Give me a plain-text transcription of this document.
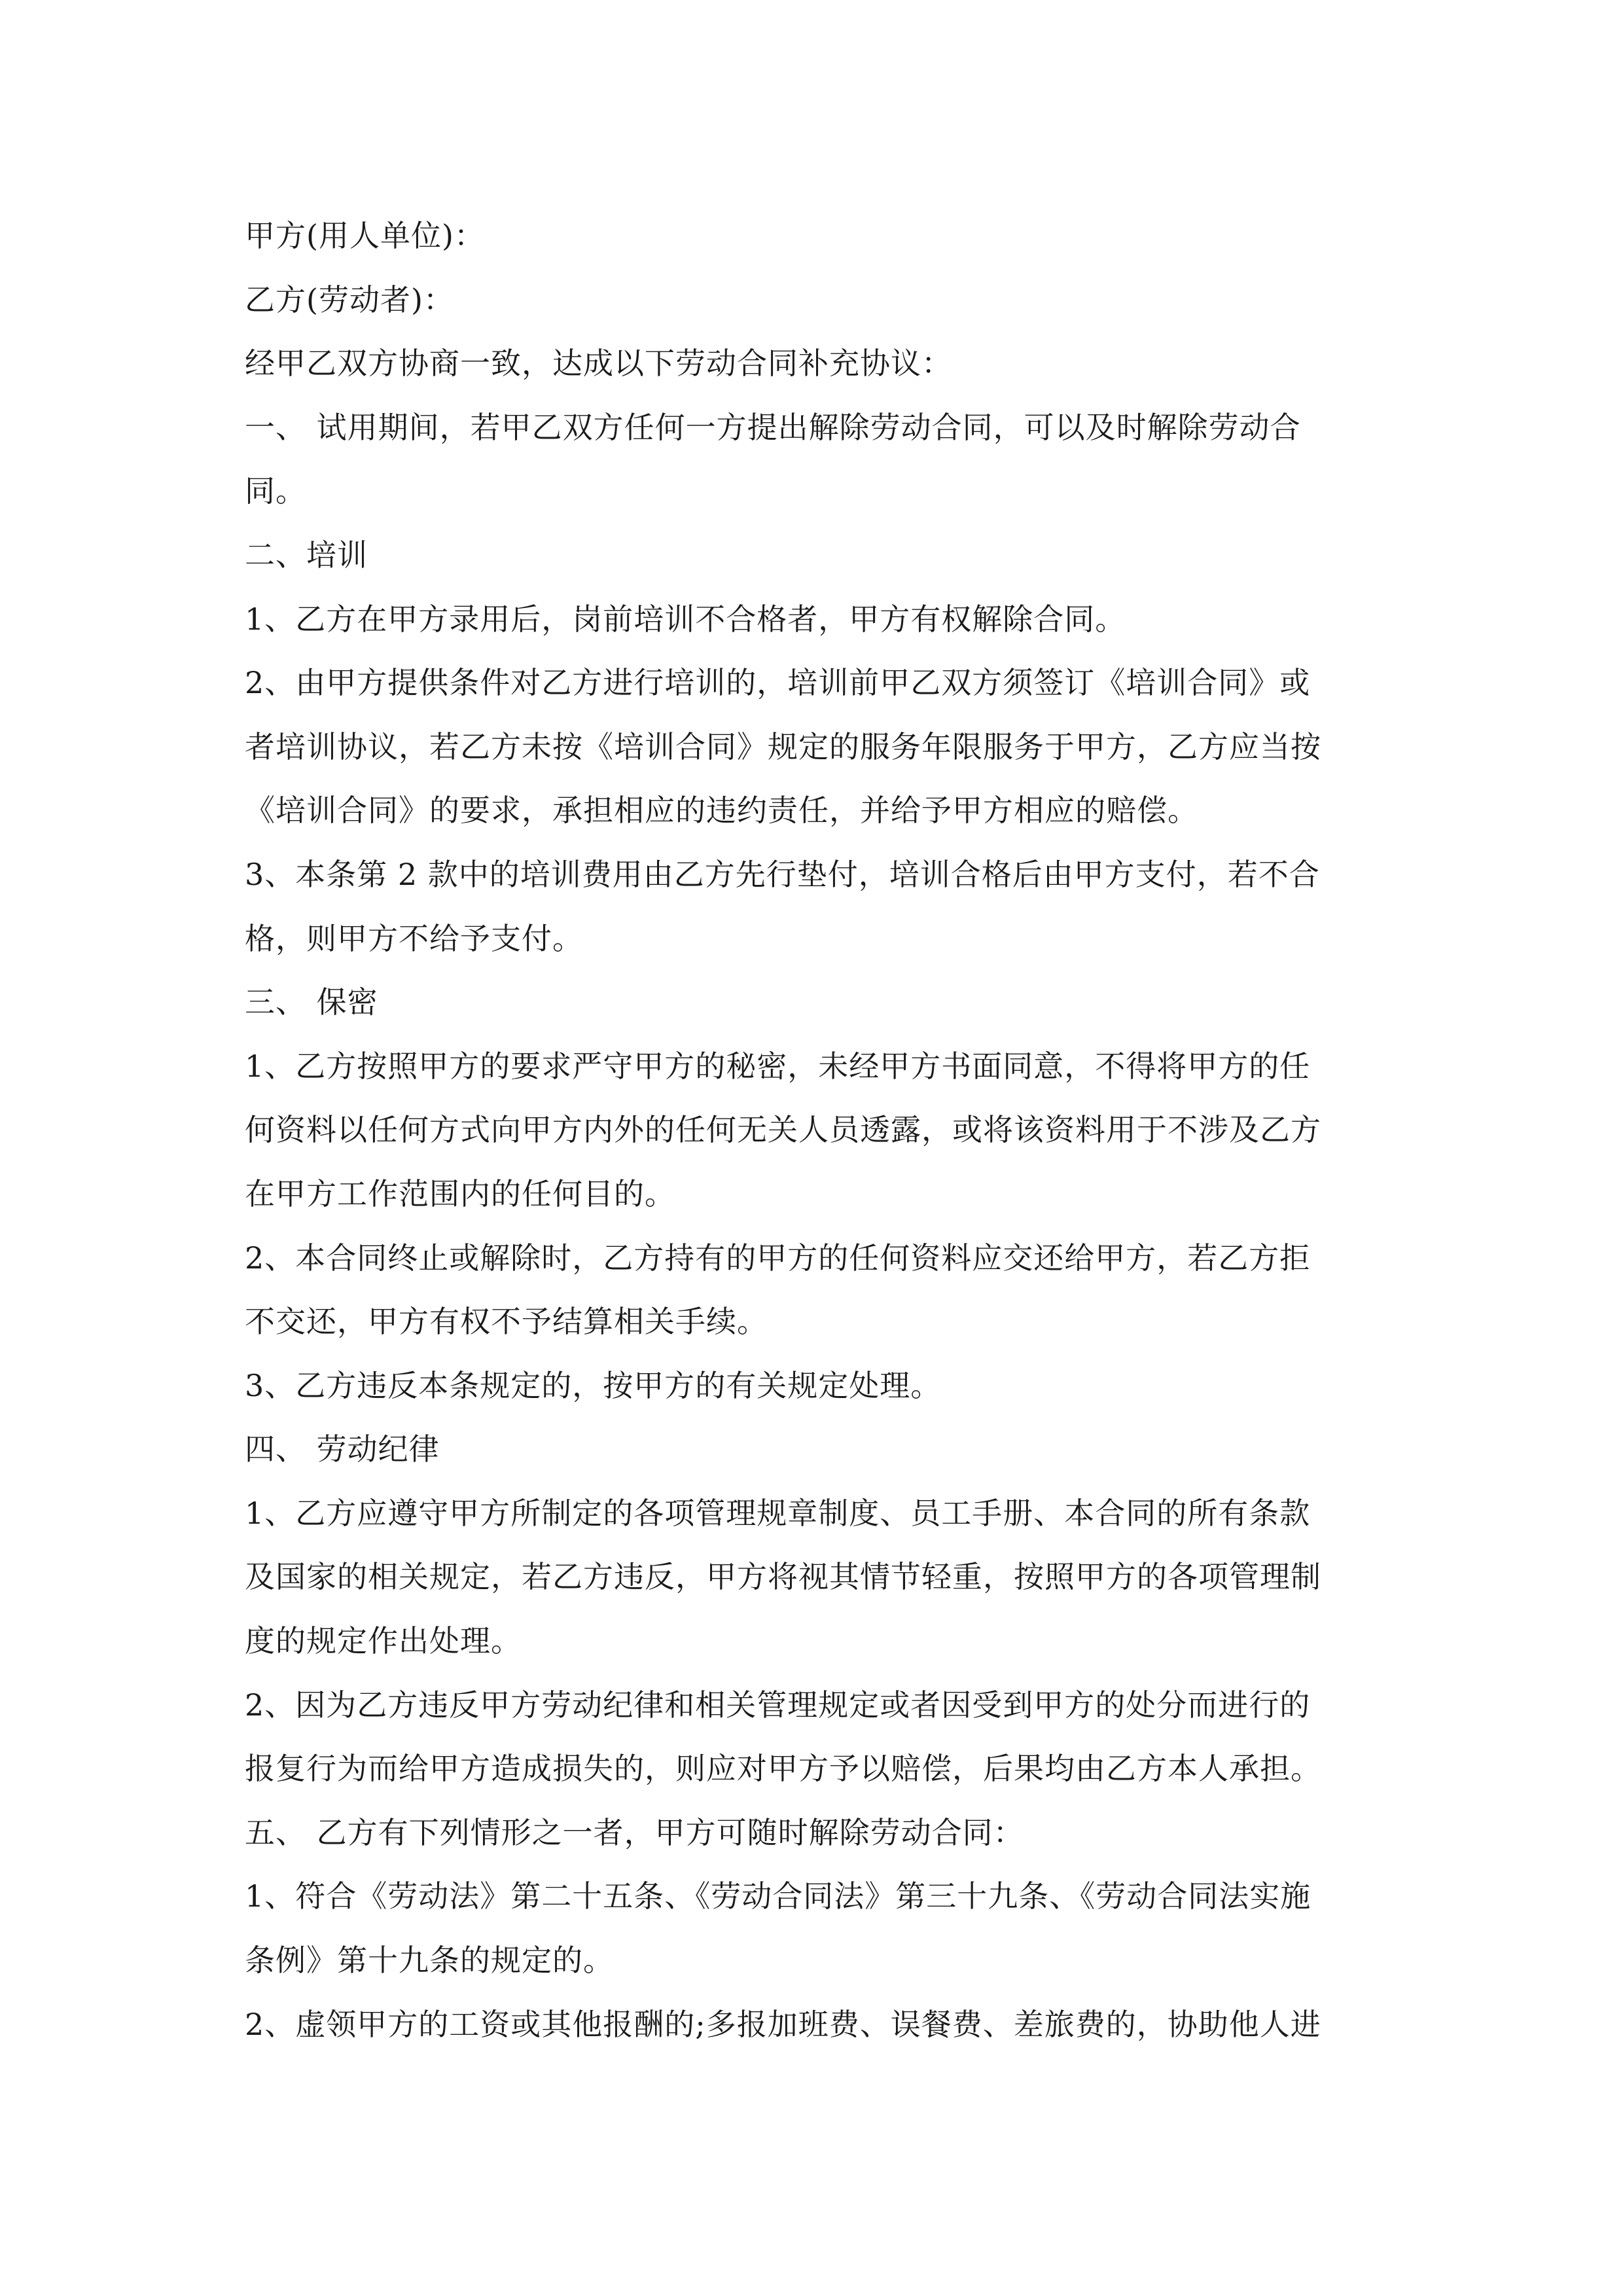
甲方(用人单位)：
乙方(劳动者)：
经甲乙双方协商一致，达成以下劳动合同补充协议：
一、 试用期间，若甲乙双方任何一方提出解除劳动合同，可以及时解除劳动合
同。
二、培训
1、乙方在甲方录用后，岗前培训不合格者，甲方有权解除合同。
2、由甲方提供条件对乙方进行培训的，培训前甲乙双方须签订《培训合同》或
者培训协议，若乙方未按《培训合同》规定的服务年限服务于甲方，乙方应当按
《培训合同》的要求，承担相应的违约责任，并给予甲方相应的赔偿。
3、本条第 2 款中的培训费用由乙方先行垫付，培训合格后由甲方支付，若不合
格，则甲方不给予支付。
三、 保密
1、乙方按照甲方的要求严守甲方的秘密，未经甲方书面同意，不得将甲方的任
何资料以任何方式向甲方内外的任何无关人员透露，或将该资料用于不涉及乙方
在甲方工作范围内的任何目的。
2、本合同终止或解除时，乙方持有的甲方的任何资料应交还给甲方，若乙方拒
不交还，甲方有权不予结算相关手续。
3、乙方违反本条规定的，按甲方的有关规定处理。
四、 劳动纪律
1、乙方应遵守甲方所制定的各项管理规章制度、员工手册、本合同的所有条款
及国家的相关规定，若乙方违反，甲方将视其情节轻重，按照甲方的各项管理制
度的规定作出处理。
2、因为乙方违反甲方劳动纪律和相关管理规定或者因受到甲方的处分而进行的
报复行为而给甲方造成损失的，则应对甲方予以赔偿，后果均由乙方本人承担。
五、 乙方有下列情形之一者，甲方可随时解除劳动合同：
1、符合《劳动法》第二十五条、《劳动合同法》第三十九条、《劳动合同法实施
条例》第十九条的规定的。
2、虚领甲方的工资或其他报酬的;多报加班费、误餐费、差旅费的，协助他人进
